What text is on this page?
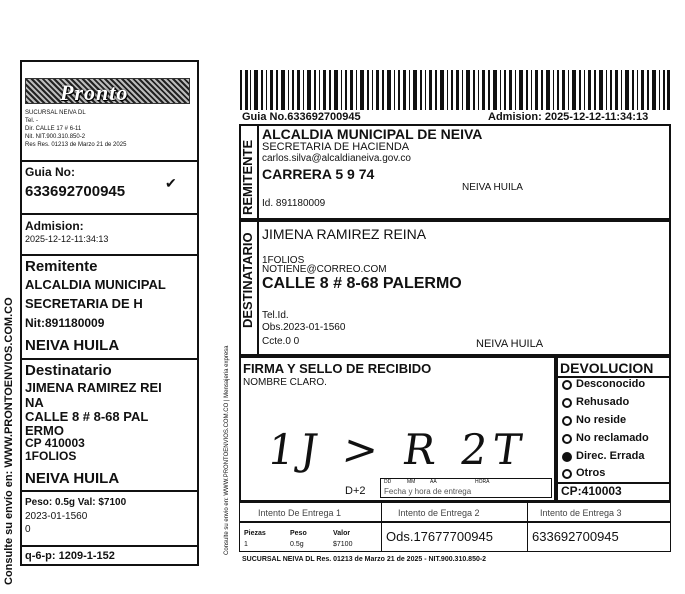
Pronto
SUCURSAL NEIVA DL
Tel. -
Dir. CALLE 17 # 6-11
Nit. NIT.900.310.850-2
Res Res. 01213 de Marzo 21 de 2025
Guia No:
633692700945	✔
Admision:
2025-12-12-11:34:13
Remitente
ALCALDIA MUNICIPAL
SECRETARIA DE H
Nit:891180009
NEIVA HUILA
Destinatario
JIMENA RAMIREZ REI
NA
CALLE 8 # 8-68 PAL
ERMO
CP 410003
1FOLIOS
NEIVA HUILA
Peso: 0.5g Val: $7100
2023-01-1560
0
q-6-p: 1209-1-152
Consulte su envío en: WWW.PRONTOENVIOS.COM.CO	Consulte su envio en: WWW.PRONTOENVIOS.COM.CO | Mensajeria expresa
Guia No.633692700945	Admision: 2025-12-12-11:34:13
REMITENTE
ALCALDIA MUNICIPAL DE NEIVA
SECRETARIA DE HACIENDA
carlos.silva@alcaldianeiva.gov.co
CARRERA 5 9 74
NEIVA HUILA
Id. 891180009
DESTINATARIO JIMENA RAMIREZ REINA
1FOLIOS
NOTIENE@CORREO.COM
CALLE 8 # 8-68 PALERMO
Tel.Id.
Obs.2023-01-1560
Ccte.0 0	NEIVA HUILA
FIRMA Y SELLO DE RECIBIDO
NOMBRE CLARO.
1J > R 2T
D+2
DD	MM	AA	HORA
Fecha y hora de entrega
DEVOLUCION
Desconocido
Rehusado
No reside
No reclamado
Direc. Errada
Otros
CP:410003
Intento De Entrega 1	Intento de Entrega 2	Intento de Entrega 3
Piezas	Peso	Valor
1	0.5g	$7100
Ods.17677700945	633692700945
SUCURSAL NEIVA DL Res. 01213 de Marzo 21 de 2025 - NIT.900.310.850-2
